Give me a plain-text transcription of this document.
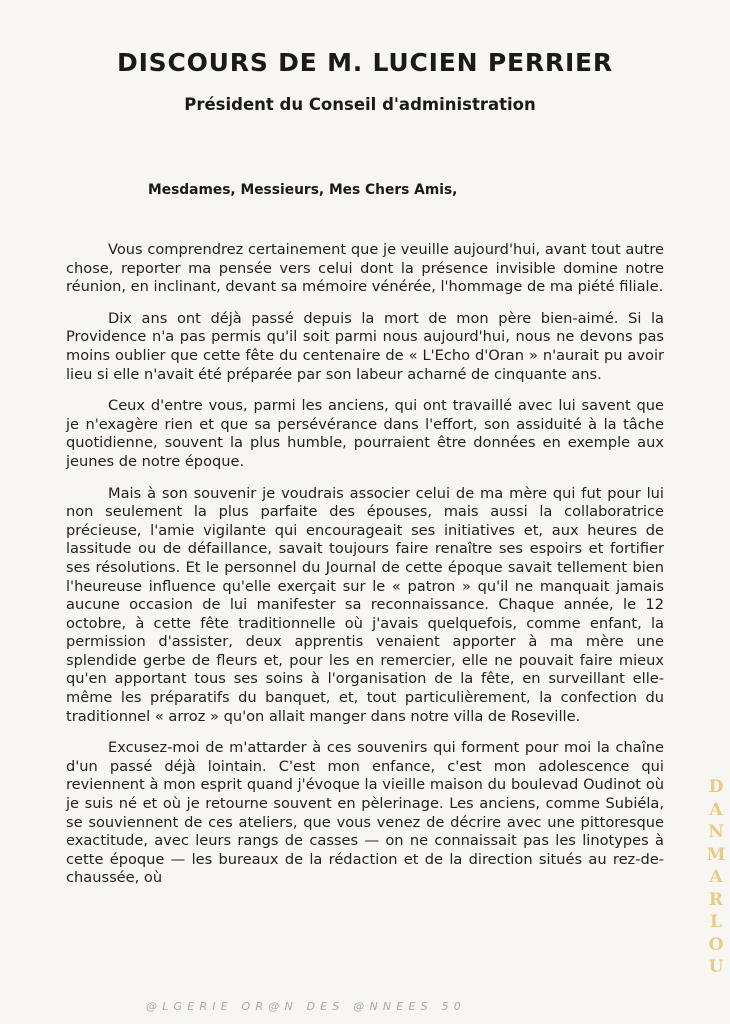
DISCOURS DE M. LUCIEN PERRIER
Président du Conseil d'administration

Mesdames, Messieurs, Mes Chers Amis,

Vous comprendrez certainement que je veuille aujourd'hui, avant tout autre chose, reporter ma pensée vers celui dont la présence invisible domine notre réunion, en inclinant, devant sa mémoire vénérée, l'hommage de ma piété filiale.

Dix ans ont déjà passé depuis la mort de mon père bien-aimé. Si la Providence n'a pas permis qu'il soit parmi nous aujourd'hui, nous ne devons pas moins oublier que cette fête du centenaire de « L'Echo d'Oran » n'aurait pu avoir lieu si elle n'avait été préparée par son labeur acharné de cinquante ans.

Ceux d'entre vous, parmi les anciens, qui ont travaillé avec lui savent que je n'exagère rien et que sa persévérance dans l'effort, son assiduité à la tâche quotidienne, souvent la plus humble, pourraient être données en exemple aux jeunes de notre époque.

Mais à son souvenir je voudrais associer celui de ma mère qui fut pour lui non seulement la plus parfaite des épouses, mais aussi la collaboratrice précieuse, l'amie vigilante qui encourageait ses initiatives et, aux heures de lassitude ou de défaillance, savait toujours faire renaître ses espoirs et fortifier ses résolutions. Et le personnel du Journal de cette époque savait tellement bien l'heureuse influence qu'elle exerçait sur le « patron » qu'il ne manquait jamais aucune occasion de lui manifester sa reconnaissance. Chaque année, le 12 octobre, à cette fête traditionnelle où j'avais quelquefois, comme enfant, la permission d'assister, deux apprentis venaient apporter à ma mère une splendide gerbe de fleurs et, pour les en remercier, elle ne pouvait faire mieux qu'en apportant tous ses soins à l'organisation de la fête, en surveillant elle-même les préparatifs du banquet, et, tout particulièrement, la confection du traditionnel « arroz » qu'on allait manger dans notre villa de Roseville.

Excusez-moi de m'attarder à ces souvenirs qui forment pour moi la chaîne d'un passé déjà lointain. C'est mon enfance, c'est mon adolescence qui reviennent à mon esprit quand j'évoque la vieille maison du boulevad Oudinot où je suis né et où je retourne souvent en pèlerinage. Les anciens, comme Subiéla, se souviennent de ces ateliers, que vous venez de décrire avec une pittoresque exactitude, avec leurs rangs de casses — on ne connaissait pas les linotypes à cette époque — les bureaux de la rédaction et de la direction situés au rez-de-chaussée, où

@LGERIE OR@N DES @NNEES 50
DANMARLOU
